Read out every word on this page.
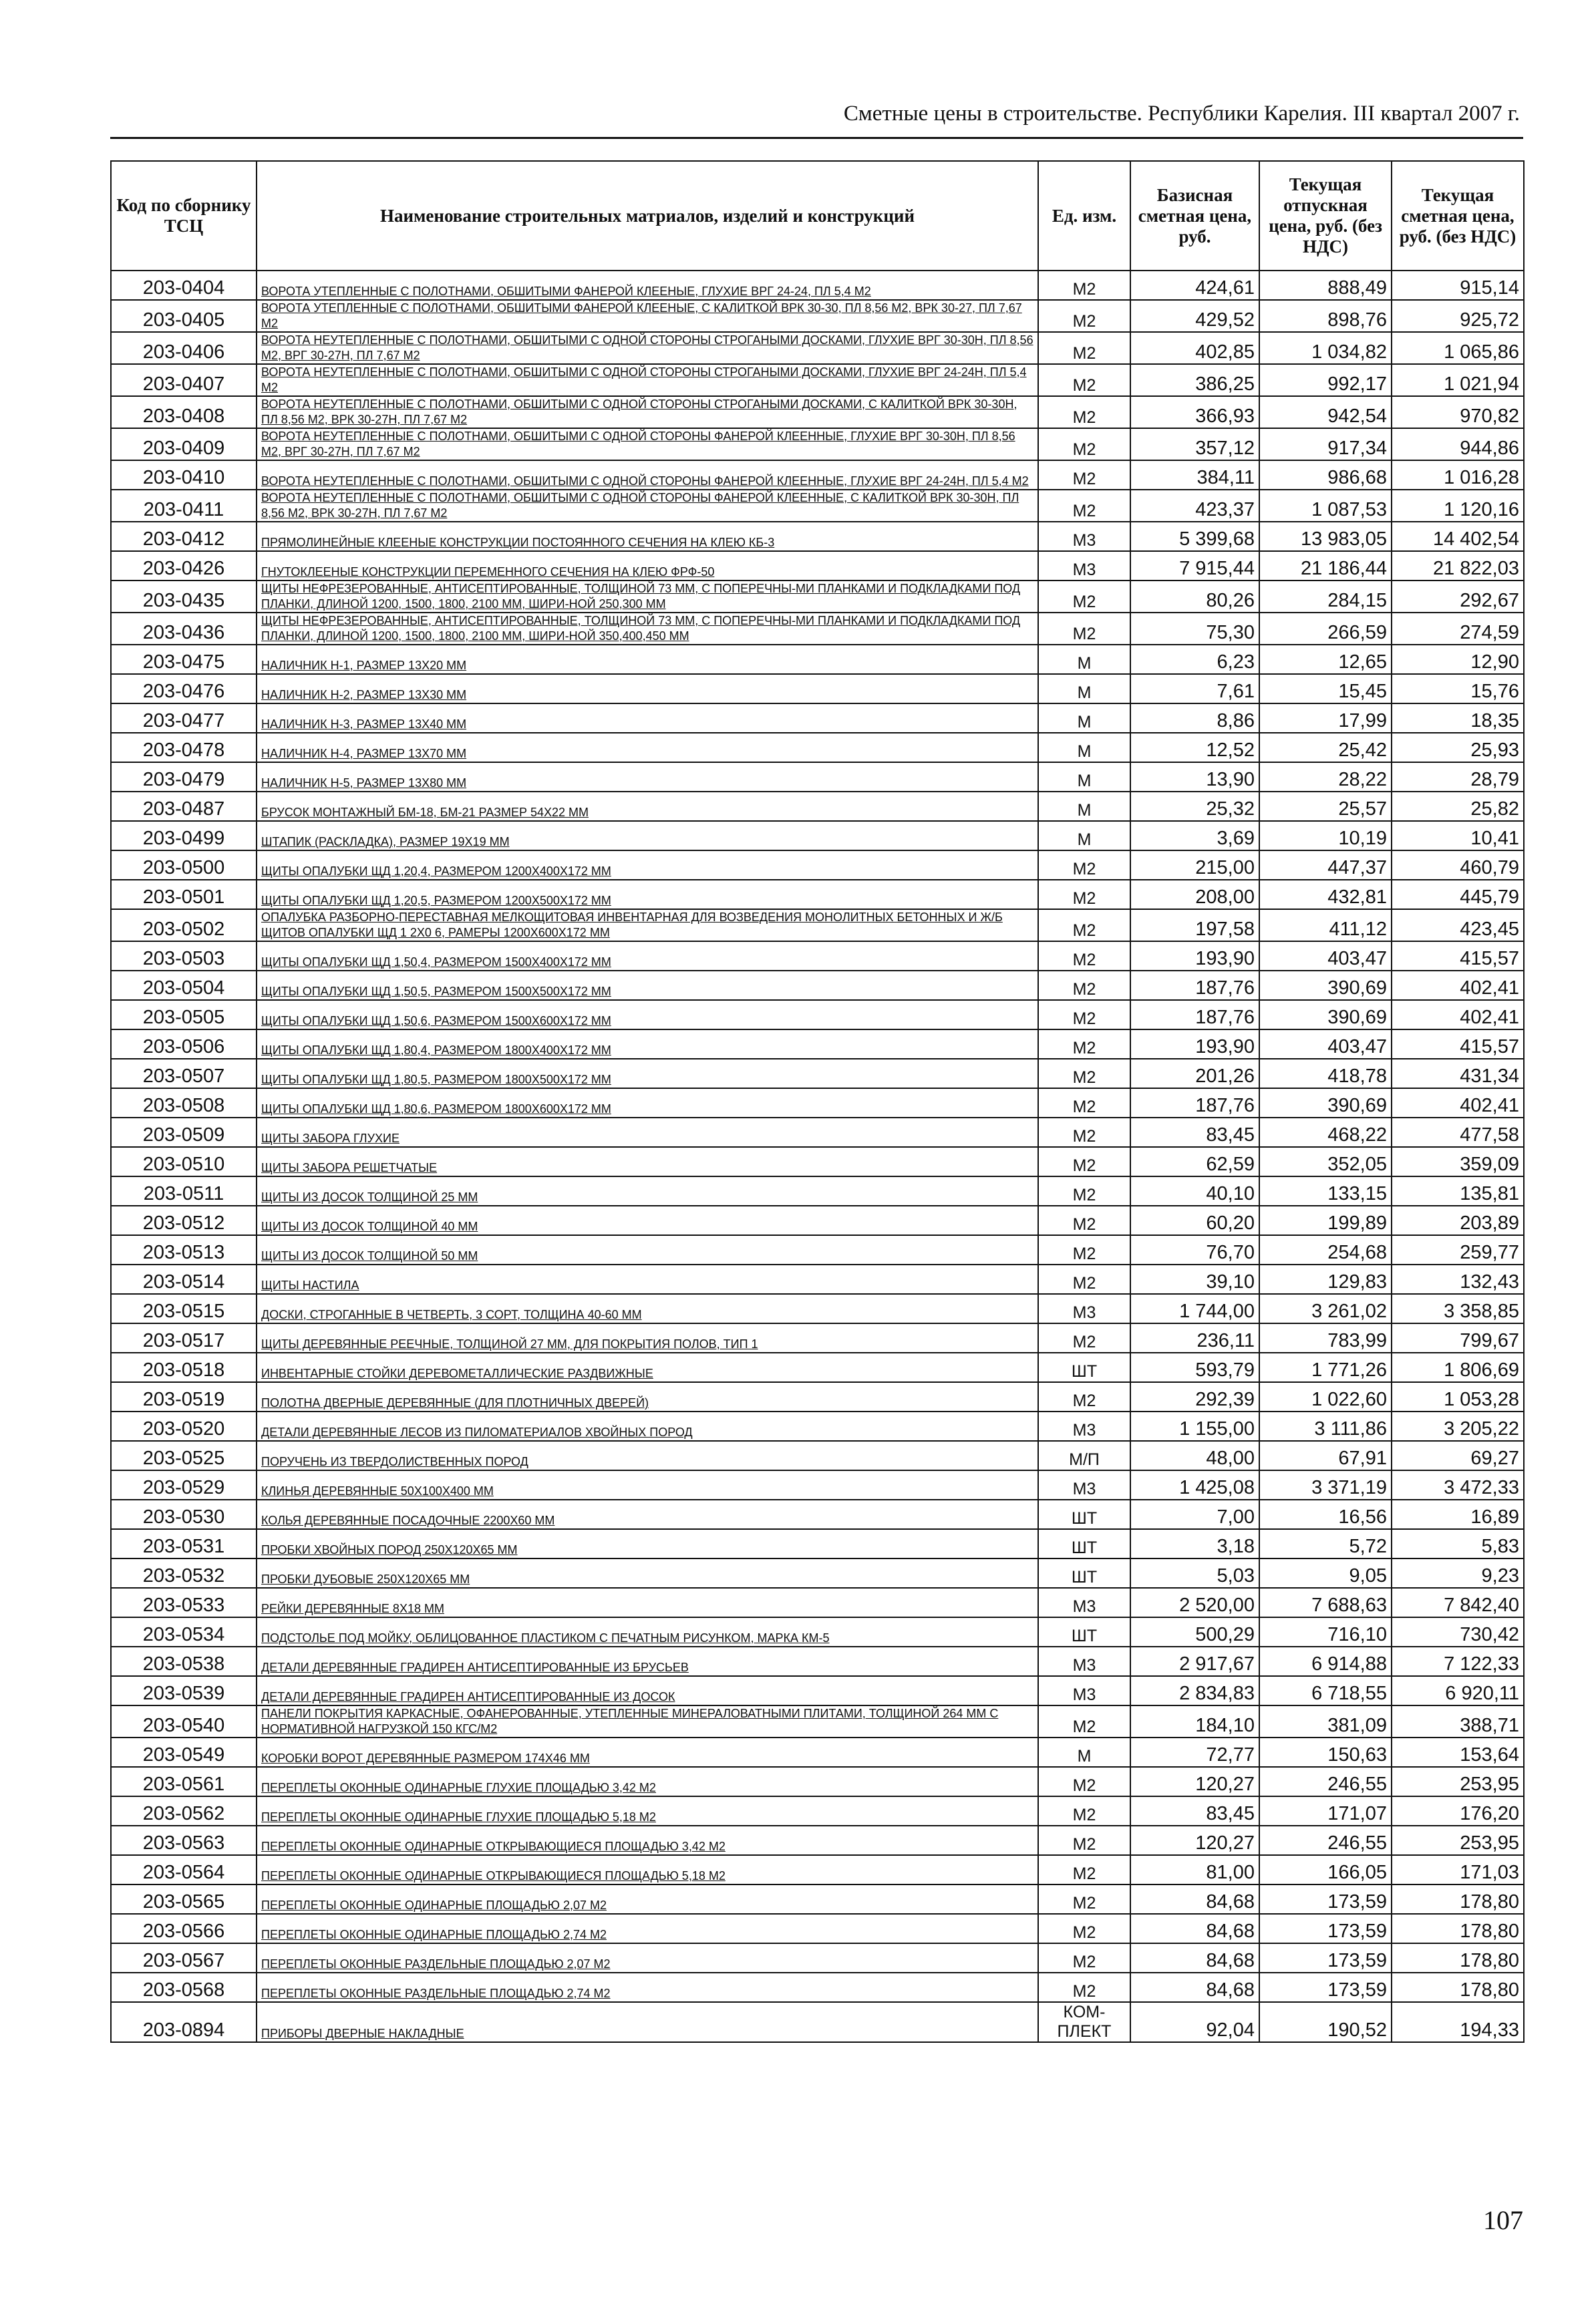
Сметные цены в строительстве. Республики Карелия. III квартал 2007 г.
Код по сборнику ТСЦ	Наименование строительных матриалов, изделий и конструкций	Ед. изм.	Базисная сметная цена, руб.	Текущая отпускная цена, руб. (без НДС)	Текущая сметная цена, руб. (без НДС)
203-0404	ВОРОТА УТЕПЛЕННЫЕ С ПОЛОТНАМИ, ОБШИТЫМИ ФАНЕРОЙ КЛЕЕНЫЕ, ГЛУХИЕ ВРГ 24-24, ПЛ 5,4 М2	М2	424,61	888,49	915,14
203-0405	ВОРОТА УТЕПЛЕННЫЕ С ПОЛОТНАМИ, ОБШИТЫМИ ФАНЕРОЙ КЛЕЕНЫЕ, С КАЛИТКОЙ ВРК 30-30, ПЛ 8,56 М2, ВРК 30-27, ПЛ 7,67 М2	М2	429,52	898,76	925,72
203-0406	ВОРОТА НЕУТЕПЛЕННЫЕ С ПОЛОТНАМИ, ОБШИТЫМИ С ОДНОЙ СТОРОНЫ СТРОГАНЫМИ ДОСКАМИ, ГЛУХИЕ ВРГ 30-30Н, ПЛ 8,56 М2, ВРГ 30-27Н, ПЛ 7,67 М2	М2	402,85	1 034,82	1 065,86
203-0407	ВОРОТА НЕУТЕПЛЕННЫЕ С ПОЛОТНАМИ, ОБШИТЫМИ С ОДНОЙ СТОРОНЫ СТРОГАНЫМИ ДОСКАМИ, ГЛУХИЕ ВРГ 24-24Н, ПЛ 5,4 М2	М2	386,25	992,17	1 021,94
203-0408	ВОРОТА НЕУТЕПЛЕННЫЕ С ПОЛОТНАМИ, ОБШИТЫМИ С ОДНОЙ СТОРОНЫ СТРОГАНЫМИ ДОСКАМИ, С КАЛИТКОЙ ВРК 30-30Н, ПЛ 8,56 М2, ВРК 30-27Н, ПЛ 7,67 М2	М2	366,93	942,54	970,82
203-0409	ВОРОТА НЕУТЕПЛЕННЫЕ С ПОЛОТНАМИ, ОБШИТЫМИ С ОДНОЙ СТОРОНЫ ФАНЕРОЙ КЛЕЕННЫЕ, ГЛУХИЕ ВРГ 30-30Н, ПЛ 8,56 М2, ВРГ 30-27Н, ПЛ 7,67 М2	М2	357,12	917,34	944,86
203-0410	ВОРОТА НЕУТЕПЛЕННЫЕ С ПОЛОТНАМИ, ОБШИТЫМИ С ОДНОЙ СТОРОНЫ ФАНЕРОЙ КЛЕЕННЫЕ, ГЛУХИЕ ВРГ 24-24Н, ПЛ 5,4 М2	М2	384,11	986,68	1 016,28
203-0411	ВОРОТА НЕУТЕПЛЕННЫЕ С ПОЛОТНАМИ, ОБШИТЫМИ С ОДНОЙ СТОРОНЫ ФАНЕРОЙ КЛЕЕННЫЕ, С КАЛИТКОЙ ВРК 30-30Н, ПЛ 8,56 М2, ВРК 30-27Н, ПЛ 7,67 М2	М2	423,37	1 087,53	1 120,16
203-0412	ПРЯМОЛИНЕЙНЫЕ КЛЕЕНЫЕ КОНСТРУКЦИИ ПОСТОЯННОГО СЕЧЕНИЯ НА КЛЕЮ КБ-3	М3	5 399,68	13 983,05	14 402,54
203-0426	ГНУТОКЛЕЕНЫЕ КОНСТРУКЦИИ ПЕРЕМЕННОГО СЕЧЕНИЯ НА КЛЕЮ ФРФ-50	М3	7 915,44	21 186,44	21 822,03
203-0435	ЩИТЫ НЕФРЕЗЕРОВАННЫЕ, АНТИСЕПТИРОВАННЫЕ, ТОЛЩИНОЙ 73 ММ, С ПОПЕРЕЧНЫ-МИ ПЛАНКАМИ И ПОДКЛАДКАМИ ПОД ПЛАНКИ, ДЛИНОЙ 1200, 1500, 1800, 2100 ММ, ШИРИ-НОЙ 250,300 ММ	М2	80,26	284,15	292,67
203-0436	ЩИТЫ НЕФРЕЗЕРОВАННЫЕ, АНТИСЕПТИРОВАННЫЕ, ТОЛЩИНОЙ 73 ММ, С ПОПЕРЕЧНЫ-МИ ПЛАНКАМИ И ПОДКЛАДКАМИ ПОД ПЛАНКИ, ДЛИНОЙ 1200, 1500, 1800, 2100 ММ, ШИРИ-НОЙ 350,400,450 ММ	М2	75,30	266,59	274,59
203-0475	НАЛИЧНИК Н-1, РАЗМЕР 13Х20 ММ	М	6,23	12,65	12,90
203-0476	НАЛИЧНИК Н-2, РАЗМЕР 13Х30 ММ	М	7,61	15,45	15,76
203-0477	НАЛИЧНИК Н-3, РАЗМЕР 13Х40 ММ	М	8,86	17,99	18,35
203-0478	НАЛИЧНИК Н-4, РАЗМЕР 13Х70 ММ	М	12,52	25,42	25,93
203-0479	НАЛИЧНИК Н-5, РАЗМЕР 13Х80 ММ	М	13,90	28,22	28,79
203-0487	БРУСОК МОНТАЖНЫЙ БМ-18, БМ-21 РАЗМЕР 54Х22 ММ	М	25,32	25,57	25,82
203-0499	ШТАПИК (РАСКЛАДКА), РАЗМЕР 19Х19 ММ	М	3,69	10,19	10,41
203-0500	ЩИТЫ ОПАЛУБКИ ЩД 1,20,4, РАЗМЕРОМ 1200Х400Х172 ММ	М2	215,00	447,37	460,79
203-0501	ЩИТЫ ОПАЛУБКИ ЩД 1,20,5, РАЗМЕРОМ 1200Х500Х172 ММ	М2	208,00	432,81	445,79
203-0502	ОПАЛУБКА РАЗБОРНО-ПЕРЕСТАВНАЯ МЕЛКОЩИТОВАЯ ИНВЕНТАРНАЯ ДЛЯ ВОЗВЕДЕНИЯ МОНОЛИТНЫХ БЕТОННЫХ И Ж/Б ЩИТОВ ОПАЛУБКИ ЩД 1 2Х0 6, РАМЕРЫ 1200Х600Х172 ММ	М2	197,58	411,12	423,45
203-0503	ЩИТЫ ОПАЛУБКИ ЩД 1,50,4, РАЗМЕРОМ 1500Х400Х172 ММ	М2	193,90	403,47	415,57
203-0504	ЩИТЫ ОПАЛУБКИ ЩД 1,50,5, РАЗМЕРОМ 1500Х500Х172 ММ	М2	187,76	390,69	402,41
203-0505	ЩИТЫ ОПАЛУБКИ ЩД 1,50,6, РАЗМЕРОМ 1500Х600Х172 ММ	М2	187,76	390,69	402,41
203-0506	ЩИТЫ ОПАЛУБКИ ЩД 1,80,4, РАЗМЕРОМ 1800Х400Х172 ММ	М2	193,90	403,47	415,57
203-0507	ЩИТЫ ОПАЛУБКИ ЩД 1,80,5, РАЗМЕРОМ 1800Х500Х172 ММ	М2	201,26	418,78	431,34
203-0508	ЩИТЫ ОПАЛУБКИ ЩД 1,80,6, РАЗМЕРОМ 1800Х600Х172 ММ	М2	187,76	390,69	402,41
203-0509	ЩИТЫ ЗАБОРА ГЛУХИЕ	М2	83,45	468,22	477,58
203-0510	ЩИТЫ ЗАБОРА РЕШЕТЧАТЫЕ	М2	62,59	352,05	359,09
203-0511	ЩИТЫ ИЗ ДОСОК ТОЛЩИНОЙ 25 ММ	М2	40,10	133,15	135,81
203-0512	ЩИТЫ ИЗ ДОСОК ТОЛЩИНОЙ 40 ММ	М2	60,20	199,89	203,89
203-0513	ЩИТЫ ИЗ ДОСОК ТОЛЩИНОЙ 50 ММ	М2	76,70	254,68	259,77
203-0514	ЩИТЫ НАСТИЛА	М2	39,10	129,83	132,43
203-0515	ДОСКИ, СТРОГАННЫЕ В ЧЕТВЕРТЬ, 3 СОРТ, ТОЛЩИНА 40-60 ММ	М3	1 744,00	3 261,02	3 358,85
203-0517	ЩИТЫ ДЕРЕВЯННЫЕ РЕЕЧНЫЕ, ТОЛЩИНОЙ 27 ММ, ДЛЯ ПОКРЫТИЯ ПОЛОВ, ТИП 1	М2	236,11	783,99	799,67
203-0518	ИНВЕНТАРНЫЕ СТОЙКИ ДЕРЕВОМЕТАЛЛИЧЕСКИЕ РАЗДВИЖНЫЕ	ШТ	593,79	1 771,26	1 806,69
203-0519	ПОЛОТНА ДВЕРНЫЕ ДЕРЕВЯННЫЕ (ДЛЯ ПЛОТНИЧНЫХ ДВЕРЕЙ)	М2	292,39	1 022,60	1 053,28
203-0520	ДЕТАЛИ ДЕРЕВЯННЫЕ ЛЕСОВ ИЗ ПИЛОМАТЕРИАЛОВ ХВОЙНЫХ ПОРОД	М3	1 155,00	3 111,86	3 205,22
203-0525	ПОРУЧЕНЬ ИЗ ТВЕРДОЛИСТВЕННЫХ ПОРОД	М/П	48,00	67,91	69,27
203-0529	КЛИНЬЯ ДЕРЕВЯННЫЕ 50Х100Х400 ММ	М3	1 425,08	3 371,19	3 472,33
203-0530	КОЛЬЯ ДЕРЕВЯННЫЕ ПОСАДОЧНЫЕ 2200Х60 ММ	ШТ	7,00	16,56	16,89
203-0531	ПРОБКИ ХВОЙНЫХ ПОРОД 250Х120Х65 ММ	ШТ	3,18	5,72	5,83
203-0532	ПРОБКИ ДУБОВЫЕ 250Х120Х65 ММ	ШТ	5,03	9,05	9,23
203-0533	РЕЙКИ ДЕРЕВЯННЫЕ 8Х18 ММ	М3	2 520,00	7 688,63	7 842,40
203-0534	ПОДСТОЛЬЕ ПОД МОЙКУ, ОБЛИЦОВАННОЕ ПЛАСТИКОМ С ПЕЧАТНЫМ РИСУНКОМ, МАРКА КМ-5	ШТ	500,29	716,10	730,42
203-0538	ДЕТАЛИ ДЕРЕВЯННЫЕ ГРАДИРЕН АНТИСЕПТИРОВАННЫЕ ИЗ БРУСЬЕВ	М3	2 917,67	6 914,88	7 122,33
203-0539	ДЕТАЛИ ДЕРЕВЯННЫЕ ГРАДИРЕН АНТИСЕПТИРОВАННЫЕ ИЗ ДОСОК	М3	2 834,83	6 718,55	6 920,11
203-0540	ПАНЕЛИ ПОКРЫТИЯ КАРКАСНЫЕ, ОФАНЕРОВАННЫЕ, УТЕПЛЕННЫЕ МИНЕРАЛОВАТНЫМИ ПЛИТАМИ, ТОЛЩИНОЙ 264 ММ С НОРМАТИВНОЙ НАГРУЗКОЙ 150 КГС/М2	М2	184,10	381,09	388,71
203-0549	КОРОБКИ ВОРОТ ДЕРЕВЯННЫЕ РАЗМЕРОМ 174Х46 ММ	М	72,77	150,63	153,64
203-0561	ПЕРЕПЛЕТЫ ОКОННЫЕ ОДИНАРНЫЕ ГЛУХИЕ ПЛОЩАДЬЮ 3,42 М2	М2	120,27	246,55	253,95
203-0562	ПЕРЕПЛЕТЫ ОКОННЫЕ ОДИНАРНЫЕ ГЛУХИЕ ПЛОЩАДЬЮ 5,18 М2	М2	83,45	171,07	176,20
203-0563	ПЕРЕПЛЕТЫ ОКОННЫЕ ОДИНАРНЫЕ ОТКРЫВАЮЩИЕСЯ ПЛОЩАДЬЮ 3,42 М2	М2	120,27	246,55	253,95
203-0564	ПЕРЕПЛЕТЫ ОКОННЫЕ ОДИНАРНЫЕ ОТКРЫВАЮЩИЕСЯ ПЛОЩАДЬЮ 5,18 М2	М2	81,00	166,05	171,03
203-0565	ПЕРЕПЛЕТЫ ОКОННЫЕ ОДИНАРНЫЕ ПЛОЩАДЬЮ 2,07 М2	М2	84,68	173,59	178,80
203-0566	ПЕРЕПЛЕТЫ ОКОННЫЕ ОДИНАРНЫЕ ПЛОЩАДЬЮ 2,74 М2	М2	84,68	173,59	178,80
203-0567	ПЕРЕПЛЕТЫ ОКОННЫЕ РАЗДЕЛЬНЫЕ ПЛОЩАДЬЮ 2,07 М2	М2	84,68	173,59	178,80
203-0568	ПЕРЕПЛЕТЫ ОКОННЫЕ РАЗДЕЛЬНЫЕ ПЛОЩАДЬЮ 2,74 М2	М2	84,68	173,59	178,80
203-0894	ПРИБОРЫ ДВЕРНЫЕ НАКЛАДНЫЕ	КОМ-ПЛЕКТ	92,04	190,52	194,33
107
